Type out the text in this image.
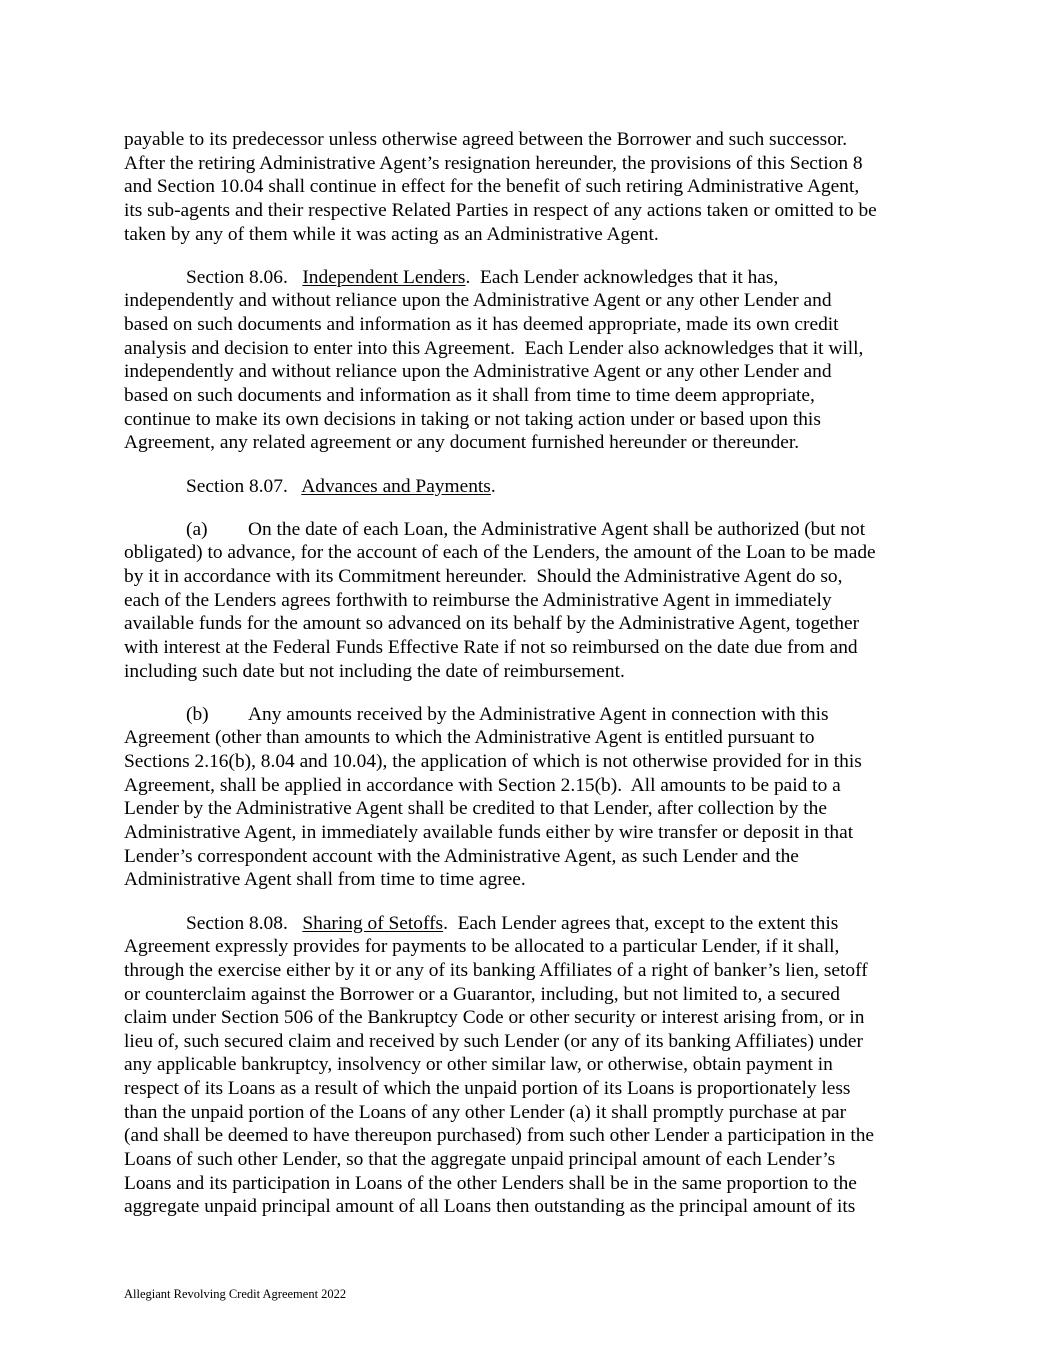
payable to its predecessor unless otherwise agreed between the Borrower and such successor.
After the retiring Administrative Agent’s resignation hereunder, the provisions of this Section 8
and Section 10.04 shall continue in effect for the benefit of such retiring Administrative Agent,
its sub-agents and their respective Related Parties in respect of any actions taken or omitted to be
taken by any of them while it was acting as an Administrative Agent.
Section 8.06.   Independent Lenders.  Each Lender acknowledges that it has,
independently and without reliance upon the Administrative Agent or any other Lender and
based on such documents and information as it has deemed appropriate, made its own credit
analysis and decision to enter into this Agreement.  Each Lender also acknowledges that it will,
independently and without reliance upon the Administrative Agent or any other Lender and
based on such documents and information as it shall from time to time deem appropriate,
continue to make its own decisions in taking or not taking action under or based upon this
Agreement, any related agreement or any document furnished hereunder or thereunder.
Section 8.07.   Advances and Payments.
(a) On the date of each Loan, the Administrative Agent shall be authorized (but not
obligated) to advance, for the account of each of the Lenders, the amount of the Loan to be made
by it in accordance with its Commitment hereunder.  Should the Administrative Agent do so,
each of the Lenders agrees forthwith to reimburse the Administrative Agent in immediately
available funds for the amount so advanced on its behalf by the Administrative Agent, together
with interest at the Federal Funds Effective Rate if not so reimbursed on the date due from and
including such date but not including the date of reimbursement.
(b) Any amounts received by the Administrative Agent in connection with this
Agreement (other than amounts to which the Administrative Agent is entitled pursuant to
Sections 2.16(b), 8.04 and 10.04), the application of which is not otherwise provided for in this
Agreement, shall be applied in accordance with Section 2.15(b).  All amounts to be paid to a
Lender by the Administrative Agent shall be credited to that Lender, after collection by the
Administrative Agent, in immediately available funds either by wire transfer or deposit in that
Lender’s correspondent account with the Administrative Agent, as such Lender and the
Administrative Agent shall from time to time agree.
Section 8.08.   Sharing of Setoffs.  Each Lender agrees that, except to the extent this
Agreement expressly provides for payments to be allocated to a particular Lender, if it shall,
through the exercise either by it or any of its banking Affiliates of a right of banker’s lien, setoff
or counterclaim against the Borrower or a Guarantor, including, but not limited to, a secured
claim under Section 506 of the Bankruptcy Code or other security or interest arising from, or in
lieu of, such secured claim and received by such Lender (or any of its banking Affiliates) under
any applicable bankruptcy, insolvency or other similar law, or otherwise, obtain payment in
respect of its Loans as a result of which the unpaid portion of its Loans is proportionately less
than the unpaid portion of the Loans of any other Lender (a) it shall promptly purchase at par
(and shall be deemed to have thereupon purchased) from such other Lender a participation in the
Loans of such other Lender, so that the aggregate unpaid principal amount of each Lender’s
Loans and its participation in Loans of the other Lenders shall be in the same proportion to the
aggregate unpaid principal amount of all Loans then outstanding as the principal amount of its
Allegiant Revolving Credit Agreement 2022
